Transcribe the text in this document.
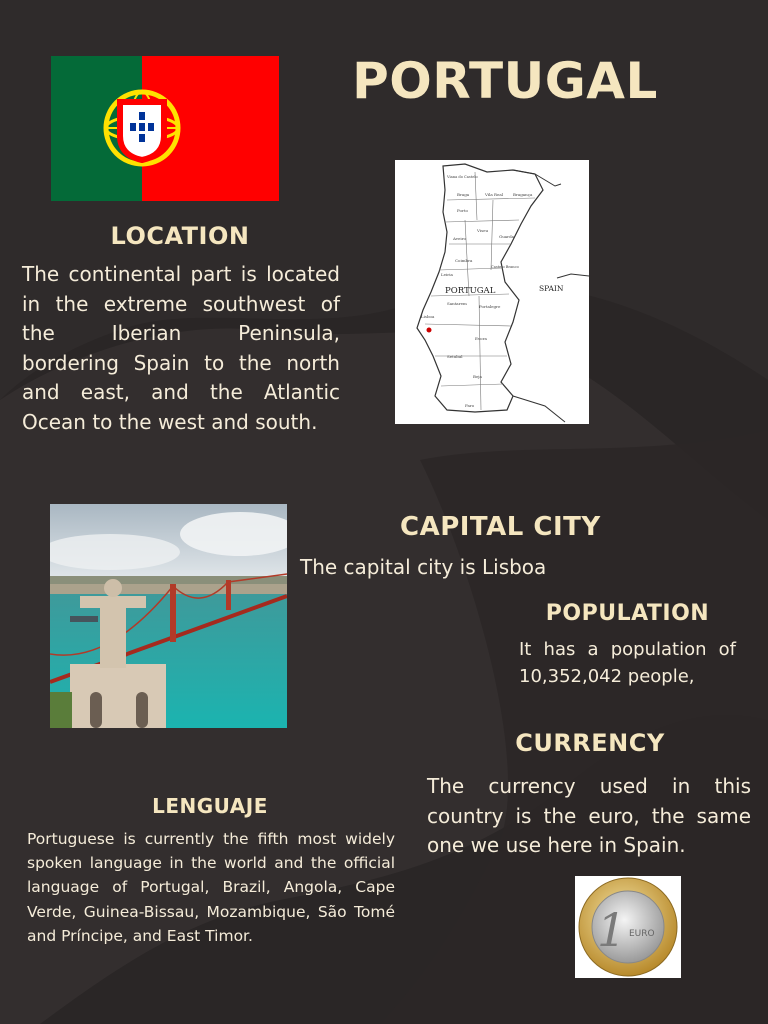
PORTUGAL
LOCATION
The continental part is located in the extreme southwest of the Iberian Peninsula, bordering Spain to the north and east, and the Atlantic Ocean to the west and south.
PORTUGAL	SPAIN
Viana do Castelo
Braga	Vila Real Bragança
Porto
Aveiro
Viseu
Guarda
Coimbra
Castelo Branco
Leiria
Santarem
Portalegre
Lisboa
Setubal
Evora
Beja
Faro
CAPITAL CITY
The capital city is Lisboa
POPULATION
It has a population of 10,352,042 people,
CURRENCY
The currency used in this country is the euro, the same one we use here in Spain.
1 EURO
LENGUAJE
Portuguese is currently the fifth most widely spoken language in the world and the official language of Portugal, Brazil, Angola, Cape Verde, Guinea-Bissau, Mozambique, São Tomé and Príncipe, and East Timor.
